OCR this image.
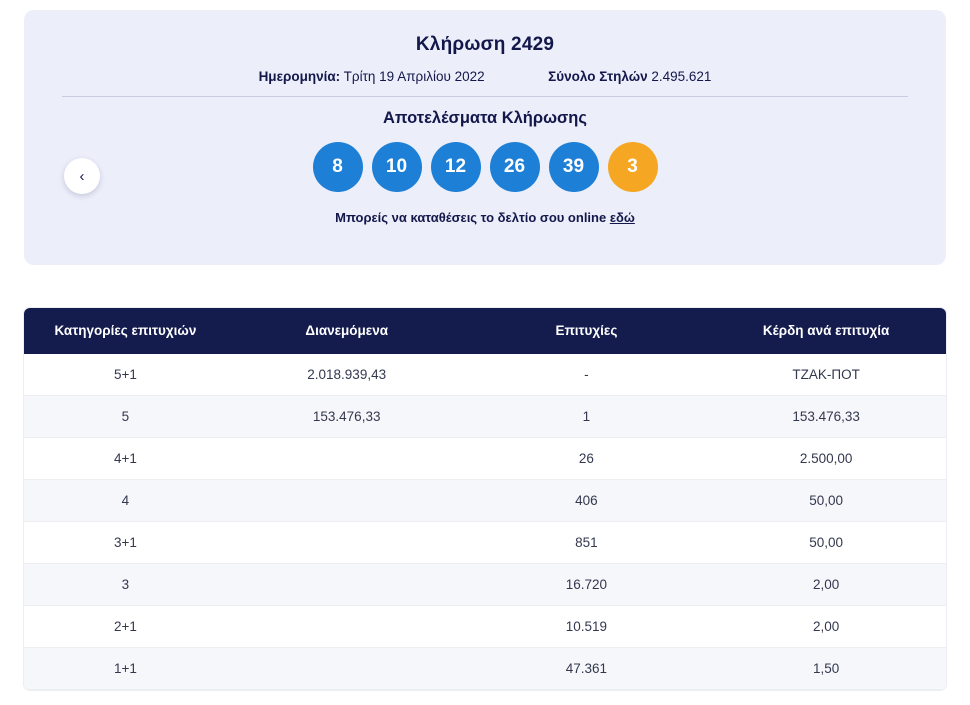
Κλήρωση 2429
Ημερομηνία: Τρίτη 19 Απριλίου 2022	Σύνολο Στηλών 2.495.621
Αποτελέσματα Κλήρωσης
8	10	12	26	39	3
Μπορείς να καταθέσεις το δελτίο σου online εδώ
‹
Κατηγορίες επιτυχιών	Διανεμόμενα	Επιτυχίες	Κέρδη ανά επιτυχία
5+1	2.018.939,43	-	ΤΖΑΚ-ΠΟΤ
5	153.476,33	1	153.476,33
4+1		26	2.500,00
4		406	50,00
3+1		851	50,00
3		16.720	2,00
2+1		10.519	2,00
1+1		47.361	1,50
